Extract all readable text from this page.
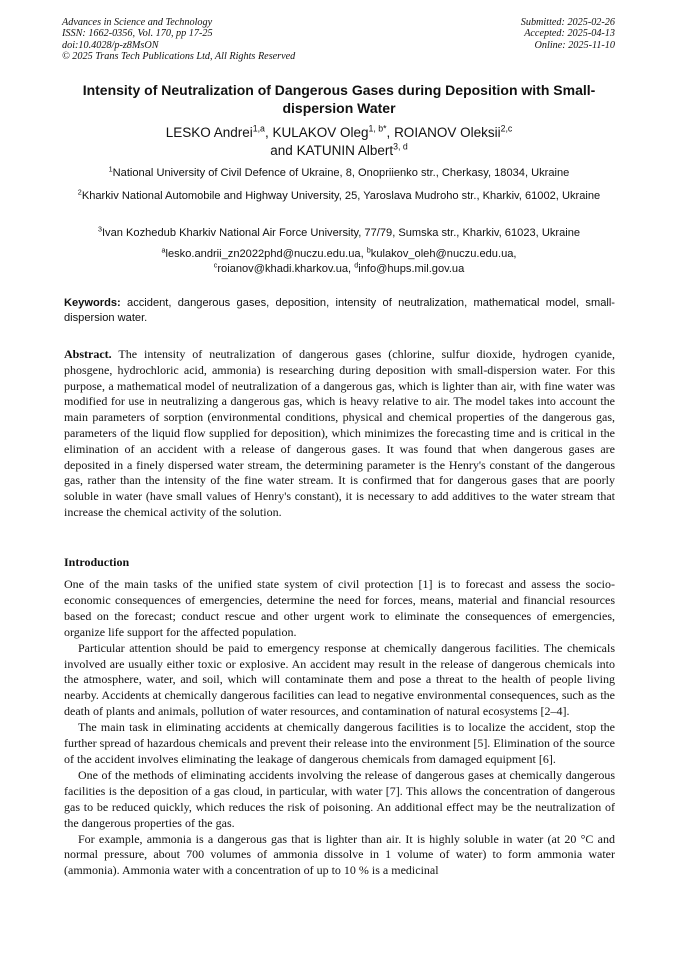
Advances in Science and Technology
ISSN: 1662-0356, Vol. 170, pp 17-25
doi:10.4028/p-z8MsON
© 2025 Trans Tech Publications Ltd, All Rights Reserved
Submitted: 2025-02-26
Accepted: 2025-04-13
Online: 2025-11-10
Intensity of Neutralization of Dangerous Gases during Deposition with Small-dispersion Water
LESKO Andrei$^{1,a}$, KULAKOV Oleg$^{1, b*}$, ROIANOV Oleksii$^{2,c}$
and KATUNIN Albert$^{3, d}$
$^1$National University of Civil Defence of Ukraine, 8, Onopriienko str., Cherkasy, 18034, Ukraine
$^2$Kharkiv National Automobile and Highway University, 25, Yaroslava Mudroho str., Kharkiv, 61002, Ukraine
$^3$Ivan Kozhedub Kharkiv National Air Force University, 77/79, Sumska str., Kharkiv, 61023, Ukraine
$^a$lesko.andrii_zn2022phd@nuczu.edu.ua, $^b$kulakov_oleh@nuczu.edu.ua,
$^c$roianov@khadi.kharkov.ua, $^d$info@hups.mil.gov.ua
Keywords: accident, dangerous gases, deposition, intensity of neutralization, mathematical model, small-dispersion water.
Abstract. The intensity of neutralization of dangerous gases (chlorine, sulfur dioxide, hydrogen cyanide, phosgene, hydrochloric acid, ammonia) is researching during deposition with small-dispersion water. For this purpose, a mathematical model of neutralization of a dangerous gas, which is lighter than air, with fine water was modified for use in neutralizing a dangerous gas, which is heavy relative to air. The model takes into account the main parameters of sorption (environmental conditions, physical and chemical properties of the dangerous gas, parameters of the liquid flow supplied for deposition), which minimizes the forecasting time and is critical in the elimination of an accident with a release of dangerous gases. It was found that when dangerous gases are deposited in a finely dispersed water stream, the determining parameter is the Henry's constant of the dangerous gas, rather than the intensity of the fine water stream. It is confirmed that for dangerous gases that are poorly soluble in water (have small values of Henry's constant), it is necessary to add additives to the water stream that increase the chemical activity of the solution.
Introduction

One of the main tasks of the unified state system of civil protection [1] is to forecast and assess the socio-economic consequences of emergencies, determine the need for forces, means, material and financial resources based on the forecast; conduct rescue and other urgent work to eliminate the consequences of emergencies, organize life support for the affected population.

Particular attention should be paid to emergency response at chemically dangerous facilities. The chemicals involved are usually either toxic or explosive. An accident may result in the release of dangerous chemicals into the atmosphere, water, and soil, which will contaminate them and pose a threat to the health of people living nearby. Accidents at chemically dangerous facilities can lead to negative environmental consequences, such as the death of plants and animals, pollution of water resources, and contamination of natural ecosystems [2–4].

The main task in eliminating accidents at chemically dangerous facilities is to localize the accident, stop the further spread of hazardous chemicals and prevent their release into the environment [5]. Elimination of the source of the accident involves eliminating the leakage of dangerous chemicals from damaged equipment [6].

One of the methods of eliminating accidents involving the release of dangerous gases at chemically dangerous facilities is the deposition of a gas cloud, in particular, with water [7]. This allows the concentration of dangerous gas to be reduced quickly, which reduces the risk of poisoning. An additional effect may be the neutralization of the dangerous properties of the gas.

For example, ammonia is a dangerous gas that is lighter than air. It is highly soluble in water (at 20 °C and normal pressure, about 700 volumes of ammonia dissolve in 1 volume of water) to form ammonia water (ammonia). Ammonia water with a concentration of up to 10 % is a medicinal
